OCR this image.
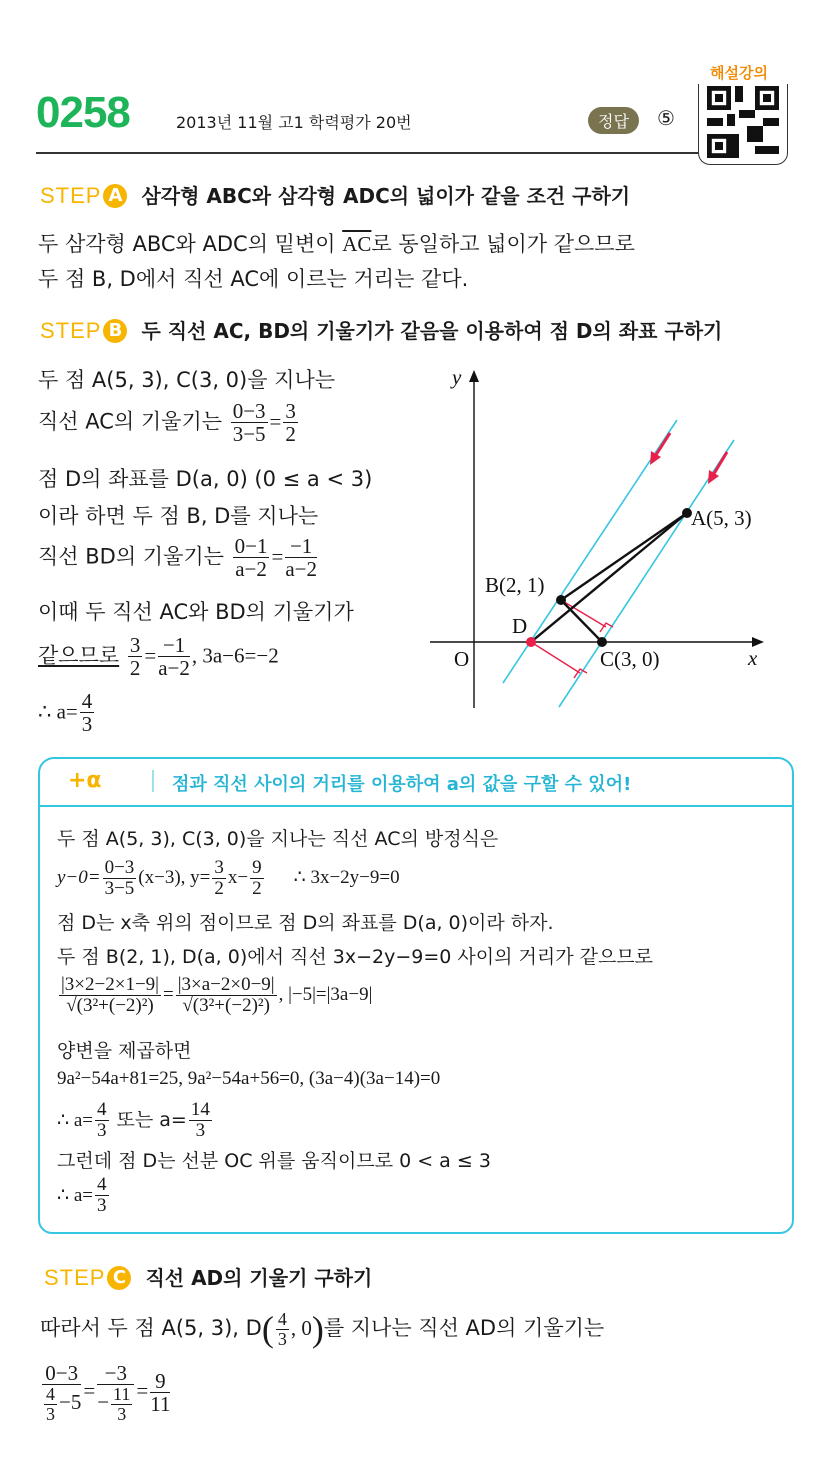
0258	2013년 11월 고1 학력평가 20번	정답	⑤
해설강의
STEP A 삼각형 ABC와 삼각형 ADC의 넓이가 같을 조건 구하기
두 삼각형 ABC와 ADC의 밑변이 $\overline{AC}$로 동일하고 넓이가 같으므로
두 점 B, D에서 직선 AC에 이르는 거리는 같다.
STEP B 두 직선 AC, BD의 기울기가 같음을 이용하여 점 D의 좌표 구하기
두 점 A(5, 3), C(3, 0)을 지나는
직선 AC의 기울기는 $\frac{0-3}{3-5} = \frac{3}{2}$
점 D의 좌표를 D(a, 0) (0 ≤ a < 3)
이라 하면 두 점 B, D를 지나는
직선 BD의 기울기는 $\frac{0-1}{a-2} = \frac{-1}{a-2}$
이때 두 직선 AC와 BD의 기울기가
같으므로 $\frac{3}{2} = \frac{-1}{a-2}$ , 3a−6=−2
∴ $a= \frac{4}{3}$
y
x
O
A(5, 3)
B(2, 1)
C(3, 0)
D
+α	점과 직선 사이의 거리를 이용하여 a의 값을 구할 수 있어!
두 점 A(5, 3), C(3, 0)을 지나는 직선 AC의 방정식은
$y-0= \frac{0-3}{3-5} (x-3)$, $y= \frac{3}{2} x- \frac{9}{2}$ ∴ 3x−2y−9=0
점 D는 x축 위의 점이므로 점 D의 좌표를 D(a, 0)이라 하자.
두 점 B(2, 1), D(a, 0)에서 직선 3x−2y−9=0 사이의 거리가 같으므로
$\frac{|3\times 2-2\times 1-9|}{\text{√(3²+(−2)²)}} = \frac{|3\times a-2\times 0-9|}{\text{√(3²+(−2)²)}}$ , |−5|=|3a−9|
양변을 제곱하면
9a²−54a+81=25, 9a²−54a+56=0, (3a−4)(3a−14)=0
∴ $a= \frac{4}{3}$ 또는 $a= \frac{14}{3}$
그런데 점 D는 선분 OC 위를 움직이므로 0 < a ≤ 3
∴ $a= \frac{4}{3}$
STEP C 직선 AD의 기울기 구하기
따라서 두 점 A(5, 3), $D( \frac{4}{3}$ , 0)를 지나는 직선 AD의 기울기는
$\frac{0-3}{\frac{4}{3} -5} = \frac{-3}{- \frac{11}{3}} = \frac{9}{11}$
